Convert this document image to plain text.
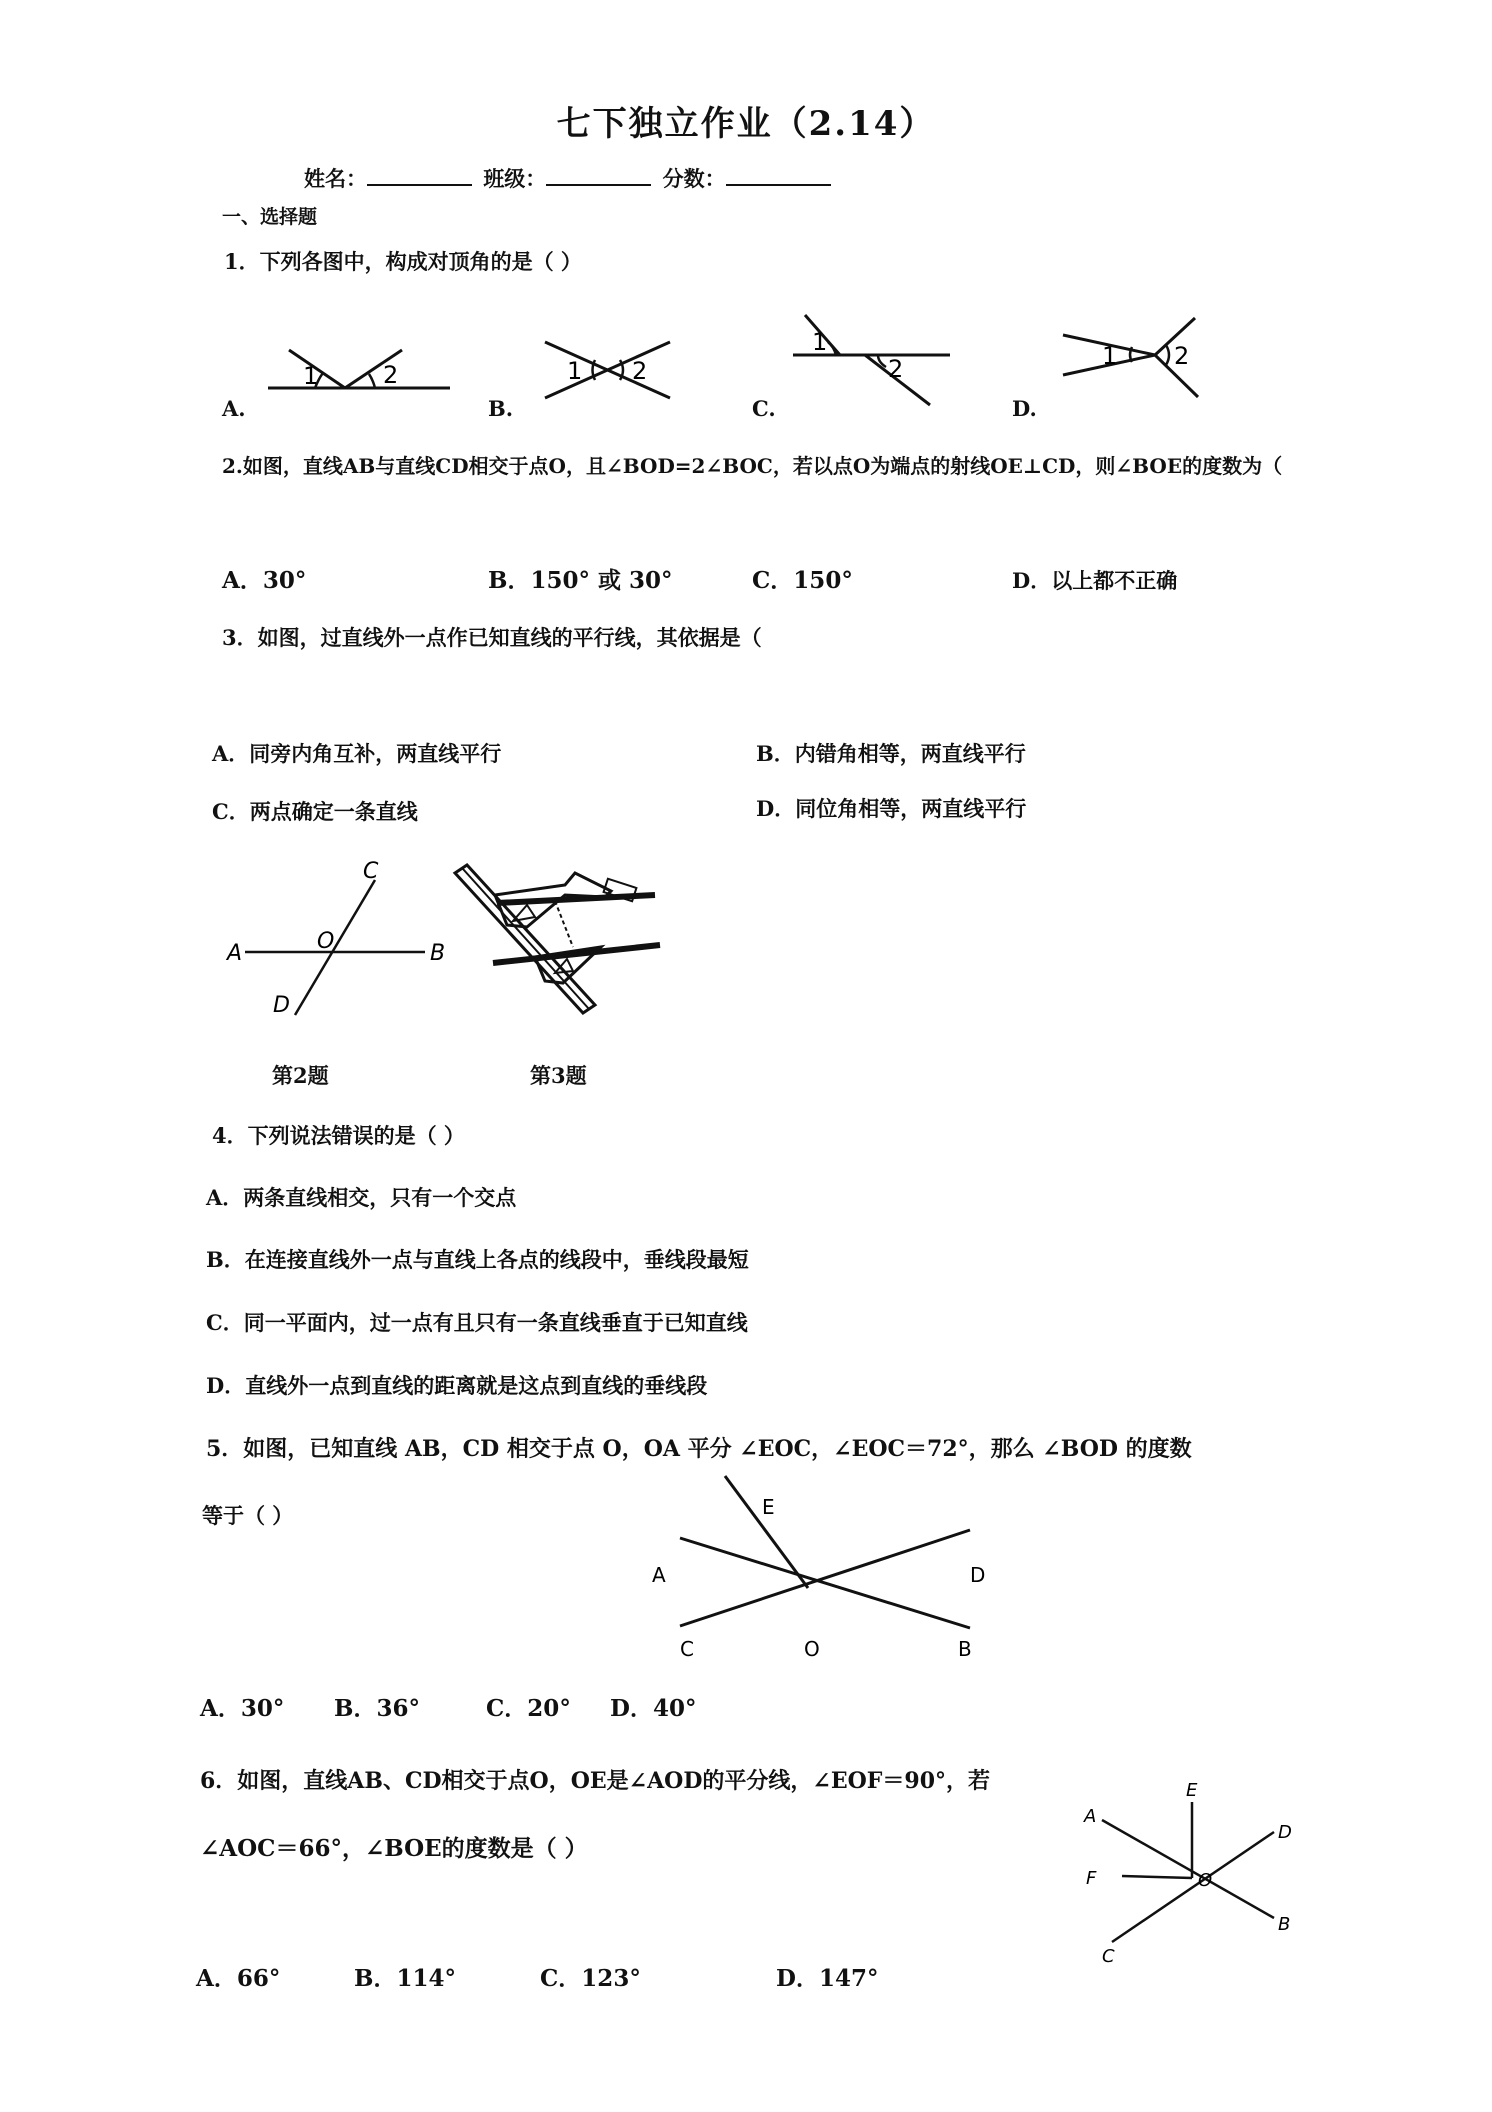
七下独立作业（2.14）
姓名：	班级：	分数：
一、选择题
1．下列各图中，构成对顶角的是（ ）
1	2
A.
1 2
B.
1
2
C.
1 2
D.
2.如图，直线AB与直线CD相交于点O，且∠BOD=2∠BOC，若以点O为端点的射线OE⊥CD，则∠BOE的度数为（
A．30°	B．150° 或 30°	C．150°	D．以上都不正确
3．如图，过直线外一点作已知直线的平行线，其依据是（
A．同旁内角互补，两直线平行	B．内错角相等，两直线平行
C．两点确定一条直线	D．同位角相等，两直线平行
A	B
C
D
O
第2题	第3题
4．下列说法错误的是（ ）
A．两条直线相交，只有一个交点
B．在连接直线外一点与直线上各点的线段中，垂线段最短
C．同一平面内，过一点有且只有一条直线垂直于已知直线
D．直线外一点到直线的距离就是这点到直线的垂线段
5．如图，已知直线 AB，CD 相交于点 O，OA 平分 ∠EOC，∠EOC＝72°，那么 ∠BOD 的度数
等于（ ）	E
A	D
C	O	B
A．30° B．36°	C．20° D．40°
6．如图，直线AB、CD相交于点O，OE是∠AOD的平分线，∠EOF＝90°，若
∠AOC＝66°，∠BOE的度数是（ ）
E
A
D
F	O
B
C
A．66°	B．114°	C．123°	D．147°
